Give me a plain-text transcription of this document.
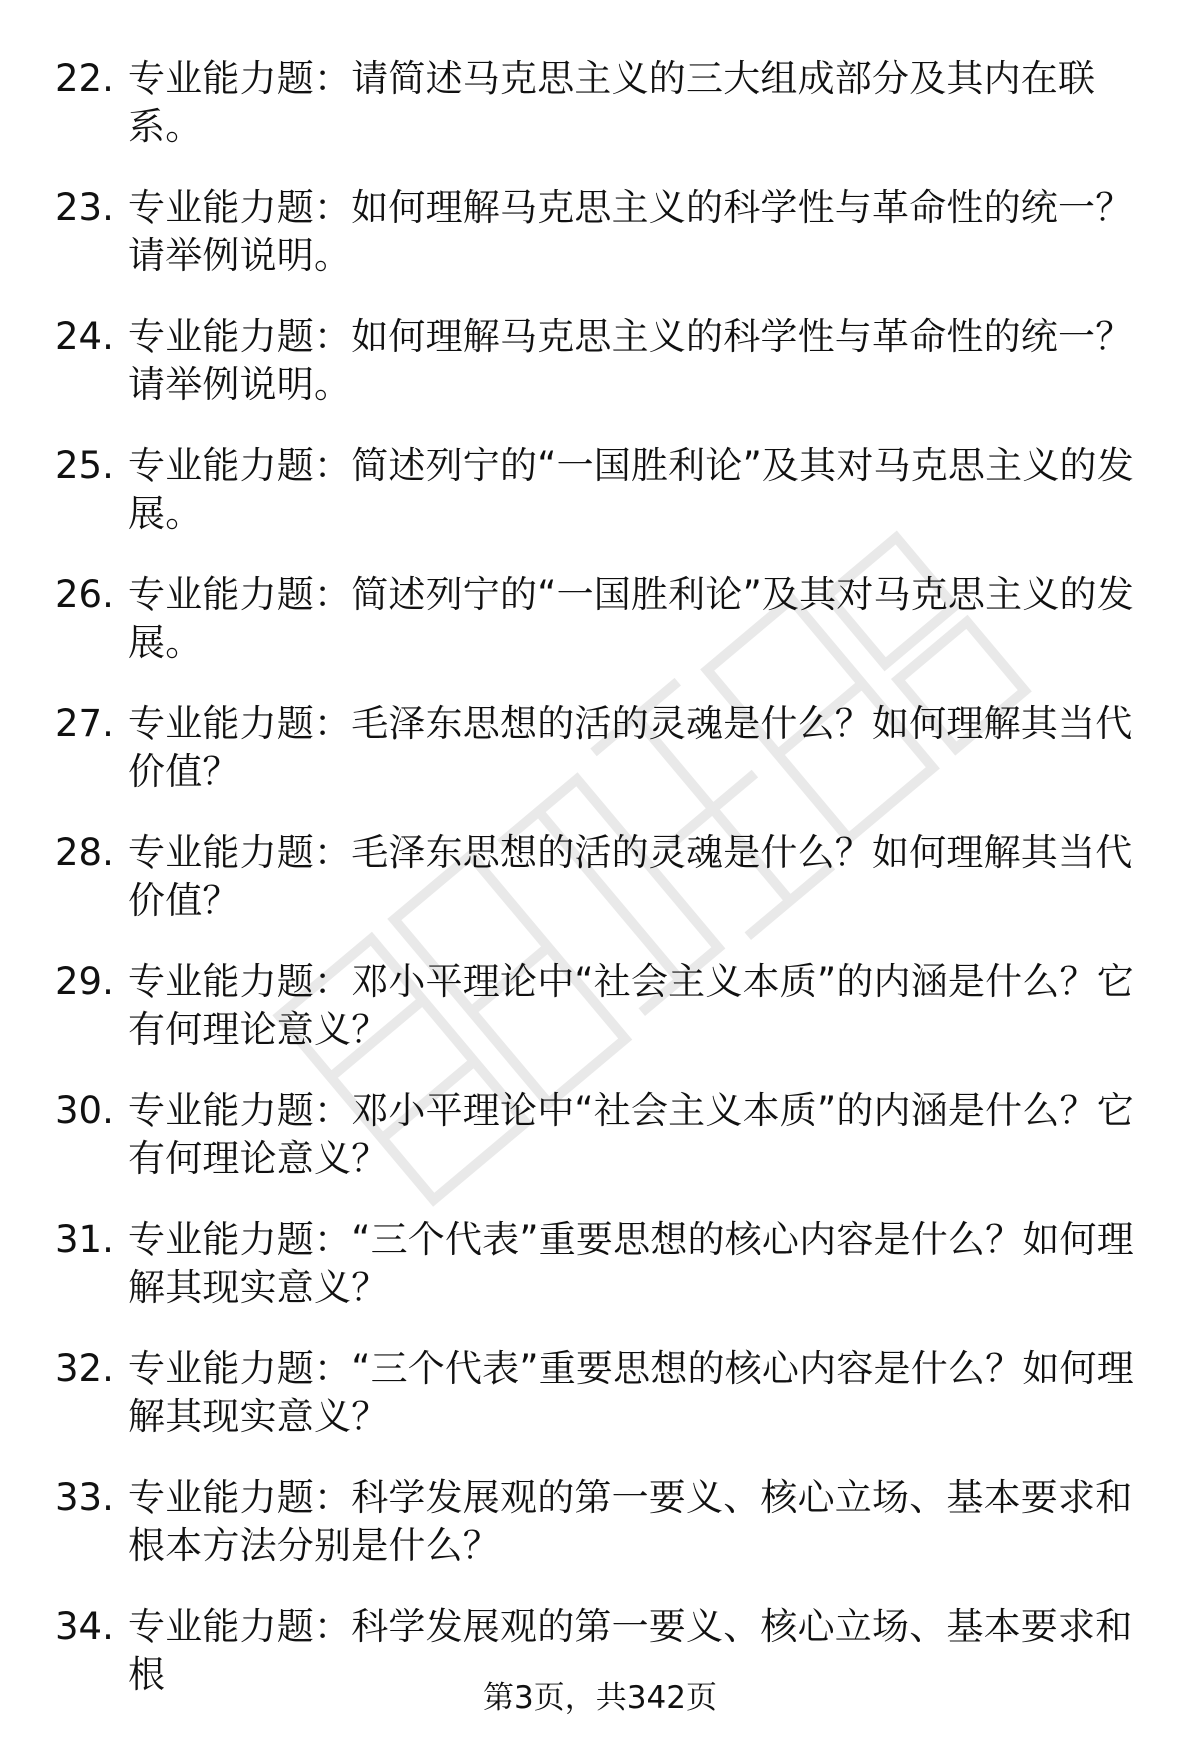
22. 专业能力题：请简述马克思主义的三大组成部分及其内在联系。
23. 专业能力题：如何理解马克思主义的科学性与革命性的统一？请举例说明。
24. 专业能力题：如何理解马克思主义的科学性与革命性的统一？请举例说明。
25. 专业能力题：简述列宁的“一国胜利论”及其对马克思主义的发展。
26. 专业能力题：简述列宁的“一国胜利论”及其对马克思主义的发展。
27. 专业能力题：毛泽东思想的活的灵魂是什么？如何理解其当代价值？
28. 专业能力题：毛泽东思想的活的灵魂是什么？如何理解其当代价值？
29. 专业能力题：邓小平理论中“社会主义本质”的内涵是什么？它有何理论意义？
30. 专业能力题：邓小平理论中“社会主义本质”的内涵是什么？它有何理论意义？
31. 专业能力题：“三个代表”重要思想的核心内容是什么？如何理解其现实意义？
32. 专业能力题：“三个代表”重要思想的核心内容是什么？如何理解其现实意义？
33. 专业能力题：科学发展观的第一要义、核心立场、基本要求和根本方法分别是什么？
34. 专业能力题：科学发展观的第一要义、核心立场、基本要求和根
第3页，共342页
